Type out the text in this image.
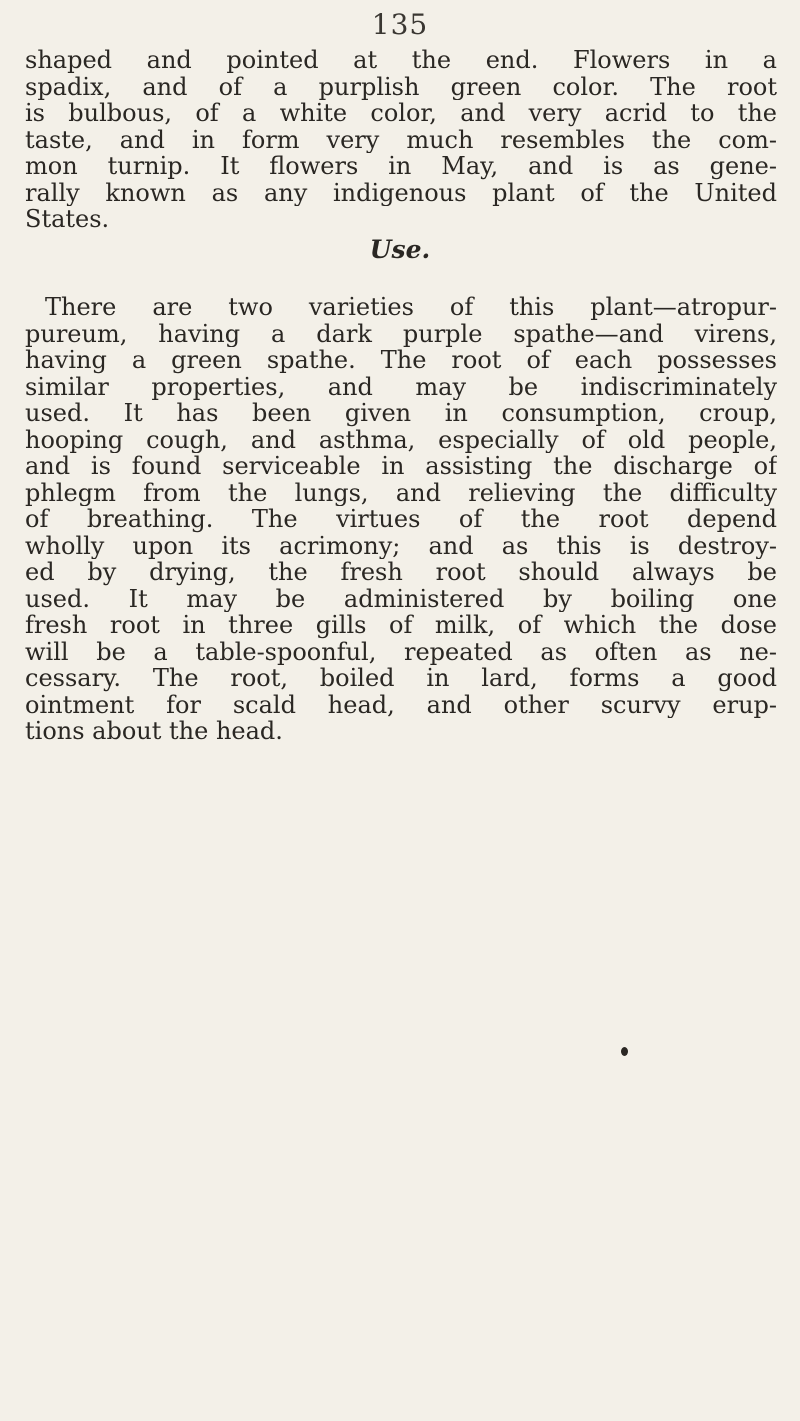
135
shaped and pointed at the end. Flowers in a
spadix, and of a purplish green color. The root
is bulbous, of a white color, and very acrid to the
taste, and in form very much resembles the com-
mon turnip. It flowers in May, and is as gene-
rally known as any indigenous plant of the United
States.
Use.
There are two varieties of this plant—atropur-
pureum, having a dark purple spathe—and virens,
having a green spathe. The root of each possesses
similar properties, and may be indiscriminately
used. It has been given in consumption, croup,
hooping cough, and asthma, especially of old people,
and is found serviceable in assisting the discharge of
phlegm from the lungs, and relieving the difficulty
of breathing. The virtues of the root depend
wholly upon its acrimony; and as this is destroy-
ed by drying, the fresh root should always be
used. It may be administered by boiling one
fresh root in three gills of milk, of which the dose
will be a table-spoonful, repeated as often as ne-
cessary. The root, boiled in lard, forms a good
ointment for scald head, and other scurvy erup-
tions about the head.
